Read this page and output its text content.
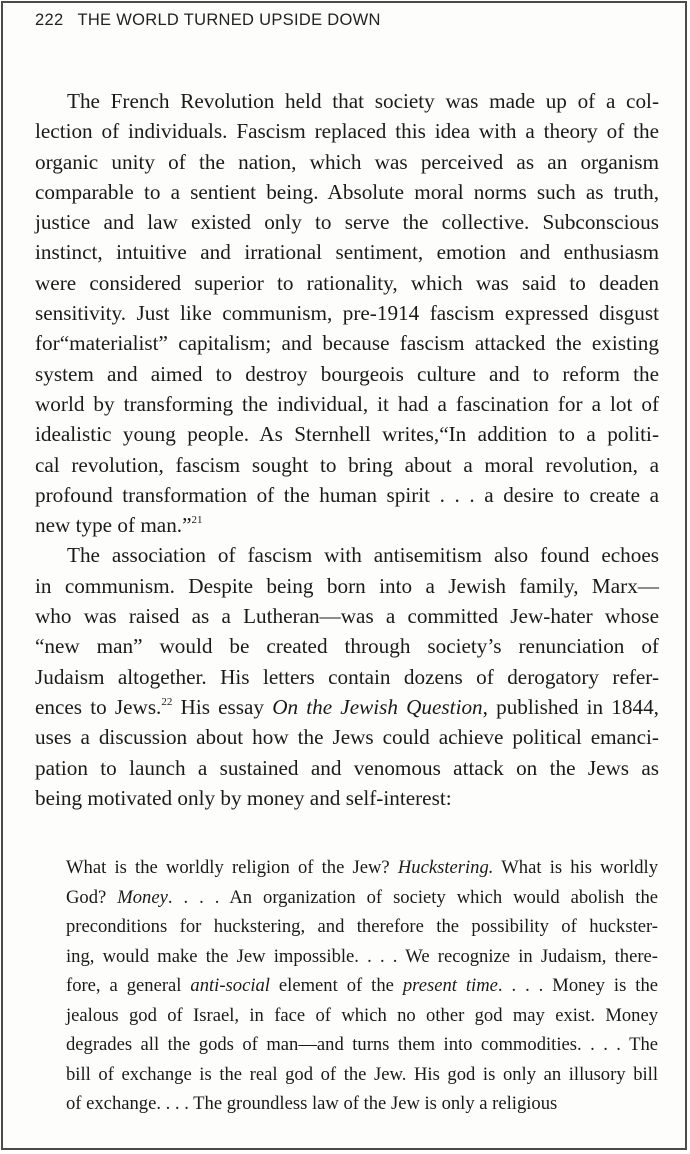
222 THE WORLD TURNED UPSIDE DOWN
The French Revolution held that society was made up of a col-
lection of individuals. Fascism replaced this idea with a theory of the
organic unity of the nation, which was perceived as an organism
comparable to a sentient being. Absolute moral norms such as truth,
justice and law existed only to serve the collective. Subconscious
instinct, intuitive and irrational sentiment, emotion and enthusiasm
were considered superior to rationality, which was said to deaden
sensitivity. Just like communism, pre-1914 fascism expressed disgust
for“materialist” capitalism; and because fascism attacked the existing
system and aimed to destroy bourgeois culture and to reform the
world by transforming the individual, it had a fascination for a lot of
idealistic young people. As Sternhell writes,“In addition to a politi-
cal revolution, fascism sought to bring about a moral revolution, a
profound transformation of the human spirit . . . a desire to create a
new type of man.”$^{21}$
The association of fascism with antisemitism also found echoes
in communism. Despite being born into a Jewish family, Marx—
who was raised as a Lutheran—was a committed Jew-hater whose
“new man” would be created through society’s renunciation of
Judaism altogether. His letters contain dozens of derogatory refer-
ences to Jews.$^{22}$ His essay On the Jewish Question, published in 1844,
uses a discussion about how the Jews could achieve political emanci-
pation to launch a sustained and venomous attack on the Jews as
being motivated only by money and self-interest:
What is the worldly religion of the Jew? Huckstering. What is his worldly
God? Money. . . . An organization of society which would abolish the
preconditions for huckstering, and therefore the possibility of huckster-
ing, would make the Jew impossible. . . . We recognize in Judaism, there-
fore, a general anti-social element of the present time. . . . Money is the
jealous god of Israel, in face of which no other god may exist. Money
degrades all the gods of man—and turns them into commodities. . . . The
bill of exchange is the real god of the Jew. His god is only an illusory bill
of exchange. . . . The groundless law of the Jew is only a religious
